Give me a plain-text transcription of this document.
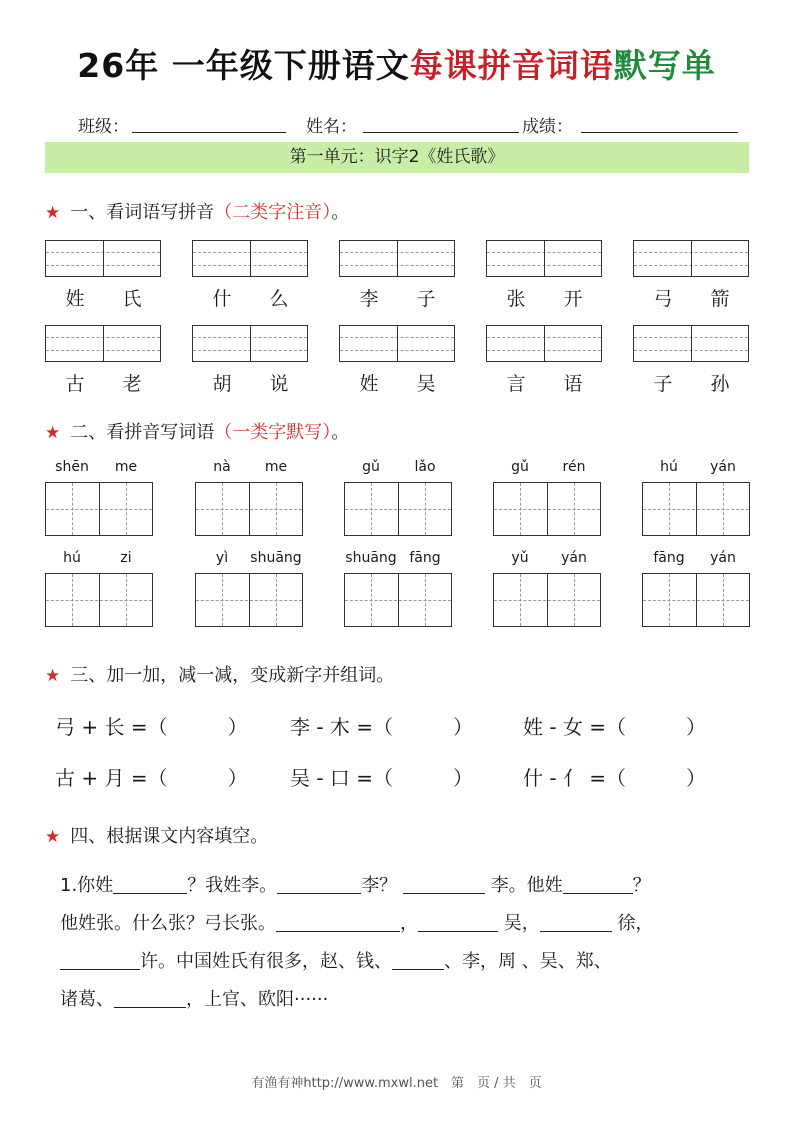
26年 一年级下册语文每课拼音词语默写单
班级：	姓名：	成绩：
第一单元：识字2《姓氏歌》
★ 一、看词语写拼音（二类字注音）。
姓	氏	什	么	李	子	张	开	弓	箭
古	老	胡	说	姓	吴	言	语	子	孙
★ 二、看拼音写词语（一类字默写）。
shēn	me	nà	me	gǔ	lǎo	gǔ	rén	hú	yán
hú	zi	yì	shuāng	shuāng fāng	yǔ	yán	fāng	yán
★ 三、加一加，减一减，变成新字并组词。
弓 + 长 =（　　　） 李 - 木 =（　　　） 姓 - 女 =（　　　）
古 + 月 =（　　　） 吴 - 口 =（　　　） 什 - 亻 =（　　　）
★ 四、根据课文内容填空。
1.你姓	？我姓李。	李？	李。他姓	？
他姓张。什么张？弓长张。	，	吴，	徐，
许。中国姓氏有很多，赵、钱、	、李，周 、吴、郑、
诸葛、	，上官、欧阳······
有渔有神http://www.mxwl.net　第　页 / 共　页
